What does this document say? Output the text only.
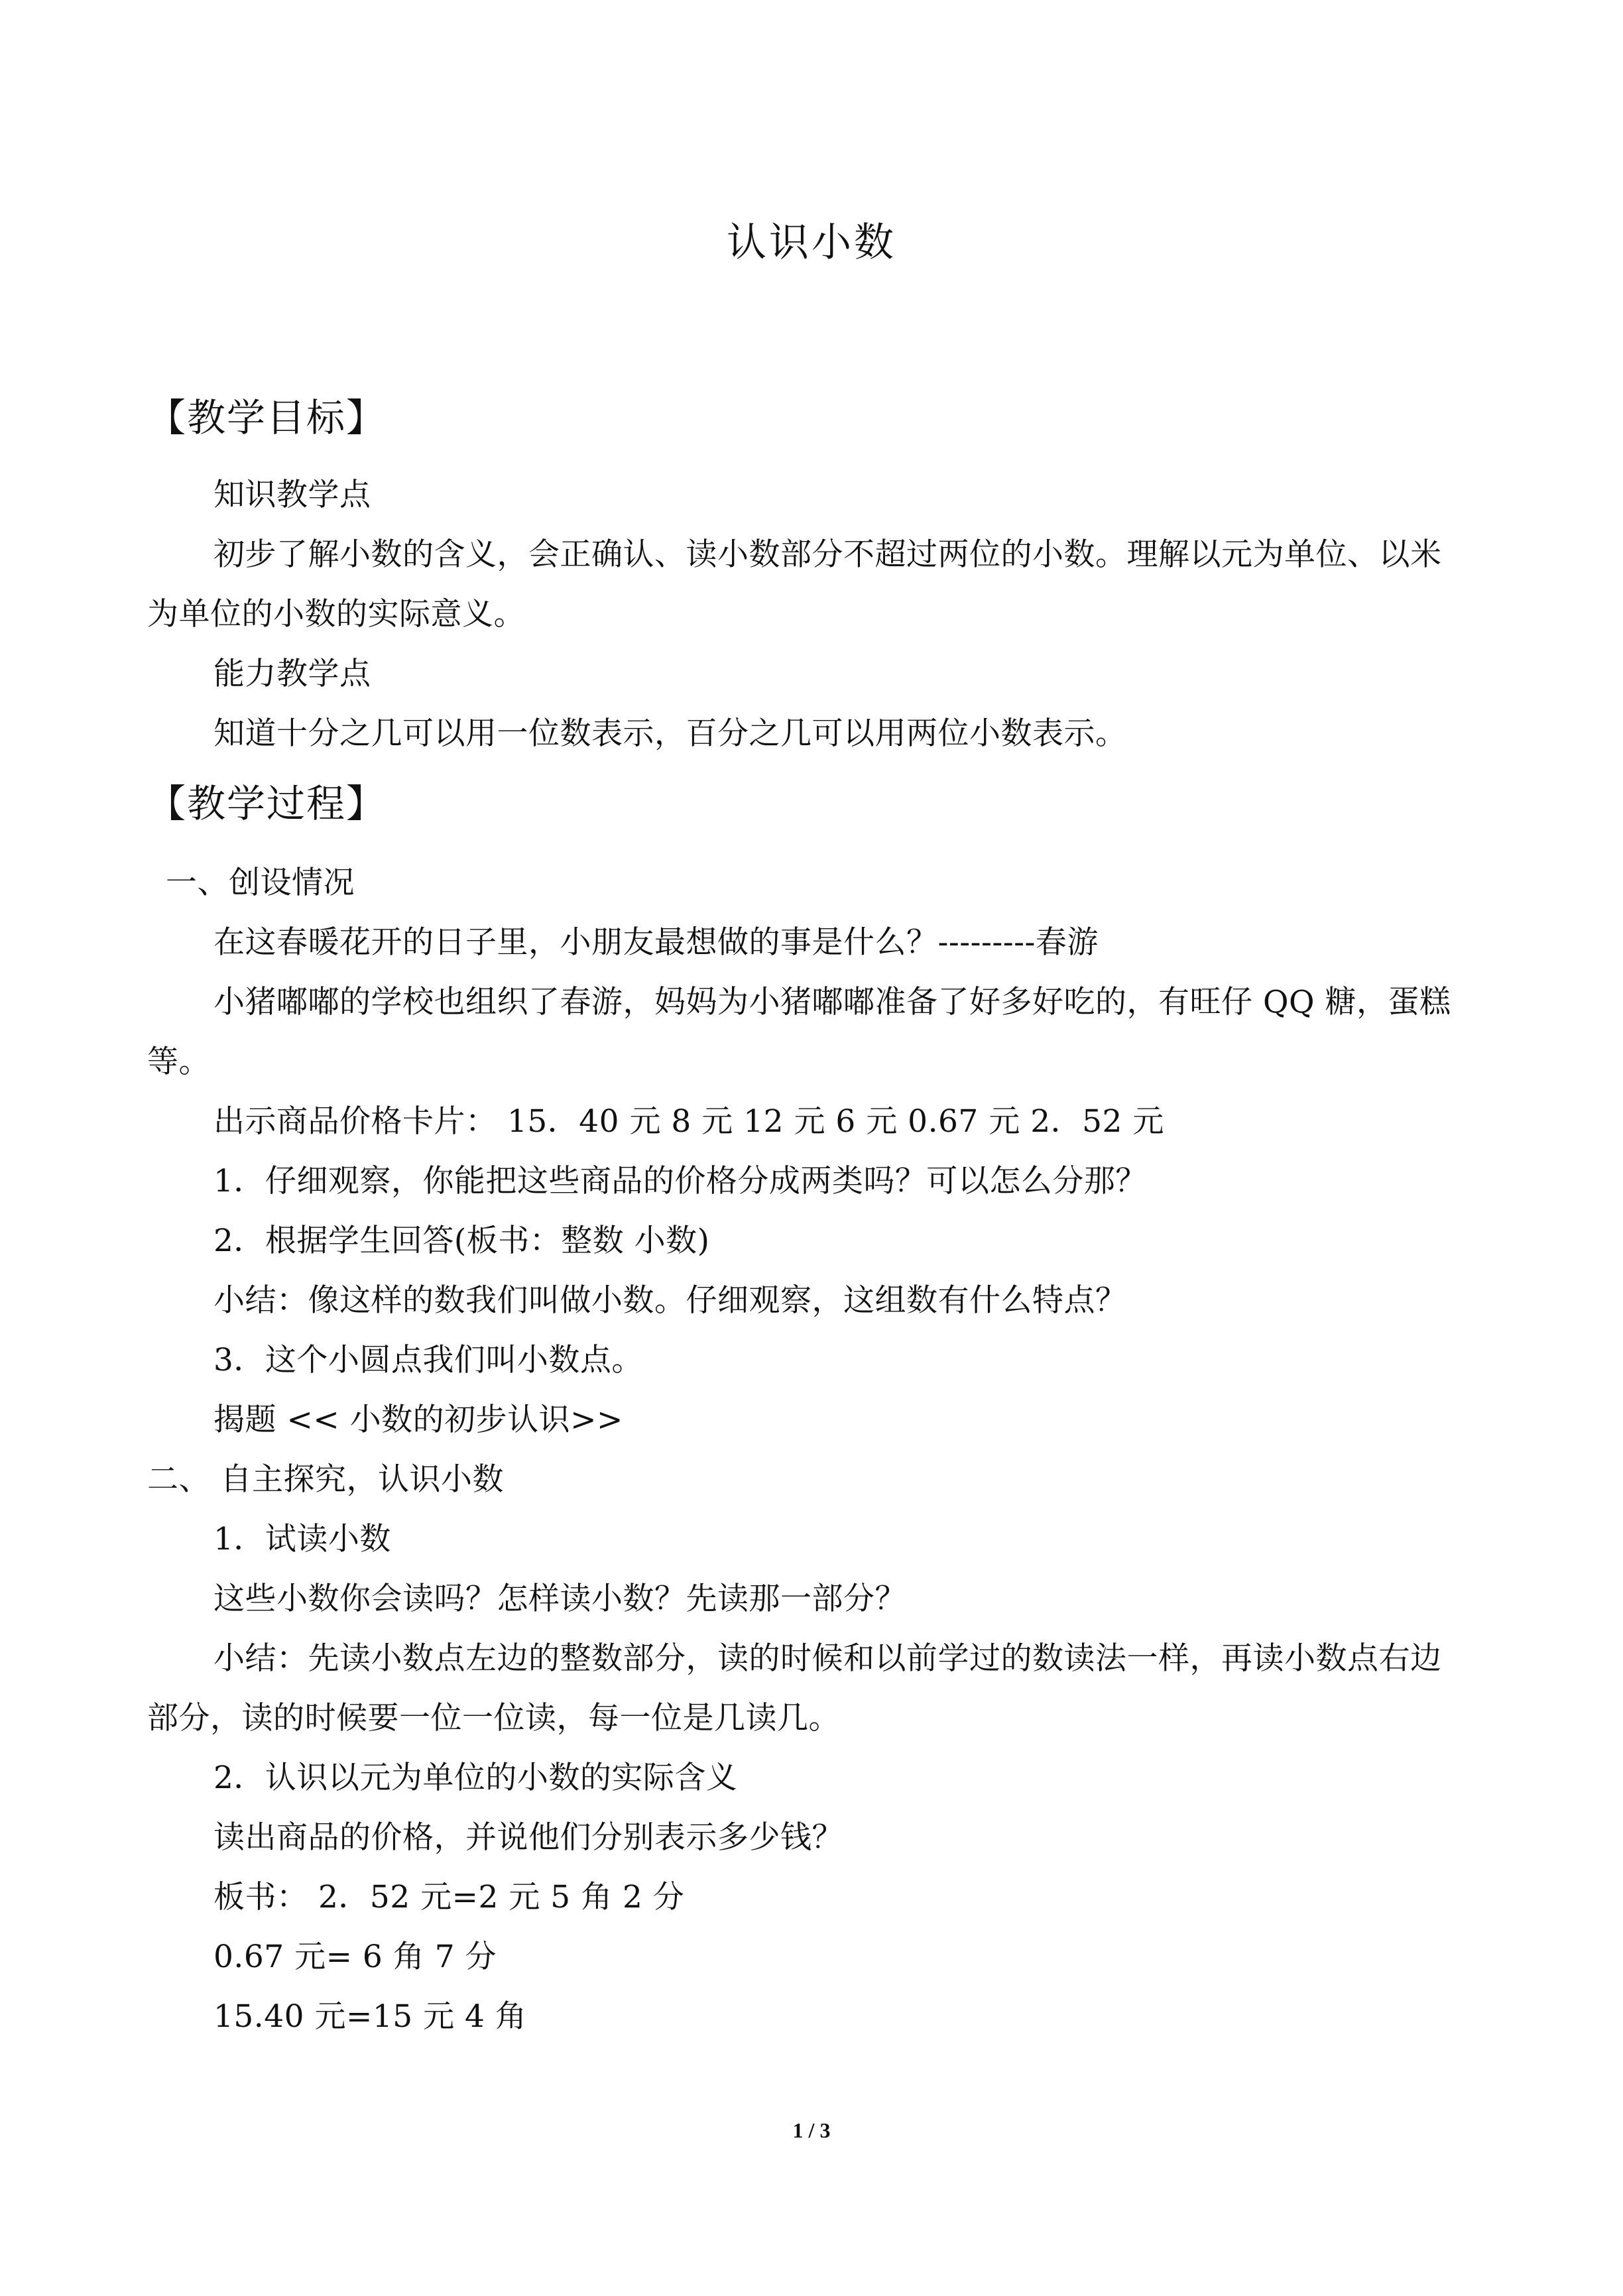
认识小数
【教学目标】
知识教学点
初步了解小数的含义，会正确认、读小数部分不超过两位的小数。理解以元为单位、以米
为单位的小数的实际意义。
能力教学点
知道十分之几可以用一位数表示，百分之几可以用两位小数表示。
【教学过程】
一、创设情况
在这春暖花开的日子里，小朋友最想做的事是什么？---------春游
小猪嘟嘟的学校也组织了春游，妈妈为小猪嘟嘟准备了好多好吃的，有旺仔 QQ 糖，蛋糕
等。
出示商品价格卡片： 15．40 元 8 元 12 元 6 元 0.67 元 2．52 元
1．仔细观察，你能把这些商品的价格分成两类吗？可以怎么分那？
2．根据学生回答(板书：整数 小数)
小结：像这样的数我们叫做小数。仔细观察，这组数有什么特点？
3．这个小圆点我们叫小数点。
揭题 << 小数的初步认识>>
二、 自主探究，认识小数
1．试读小数
这些小数你会读吗？怎样读小数？先读那一部分？
小结：先读小数点左边的整数部分，读的时候和以前学过的数读法一样，再读小数点右边
部分，读的时候要一位一位读，每一位是几读几。
2．认识以元为单位的小数的实际含义
读出商品的价格，并说他们分别表示多少钱？
板书： 2．52 元=2 元 5 角 2 分
0.67 元= 6 角 7 分
15.40 元=15 元 4 角
1 / 3
